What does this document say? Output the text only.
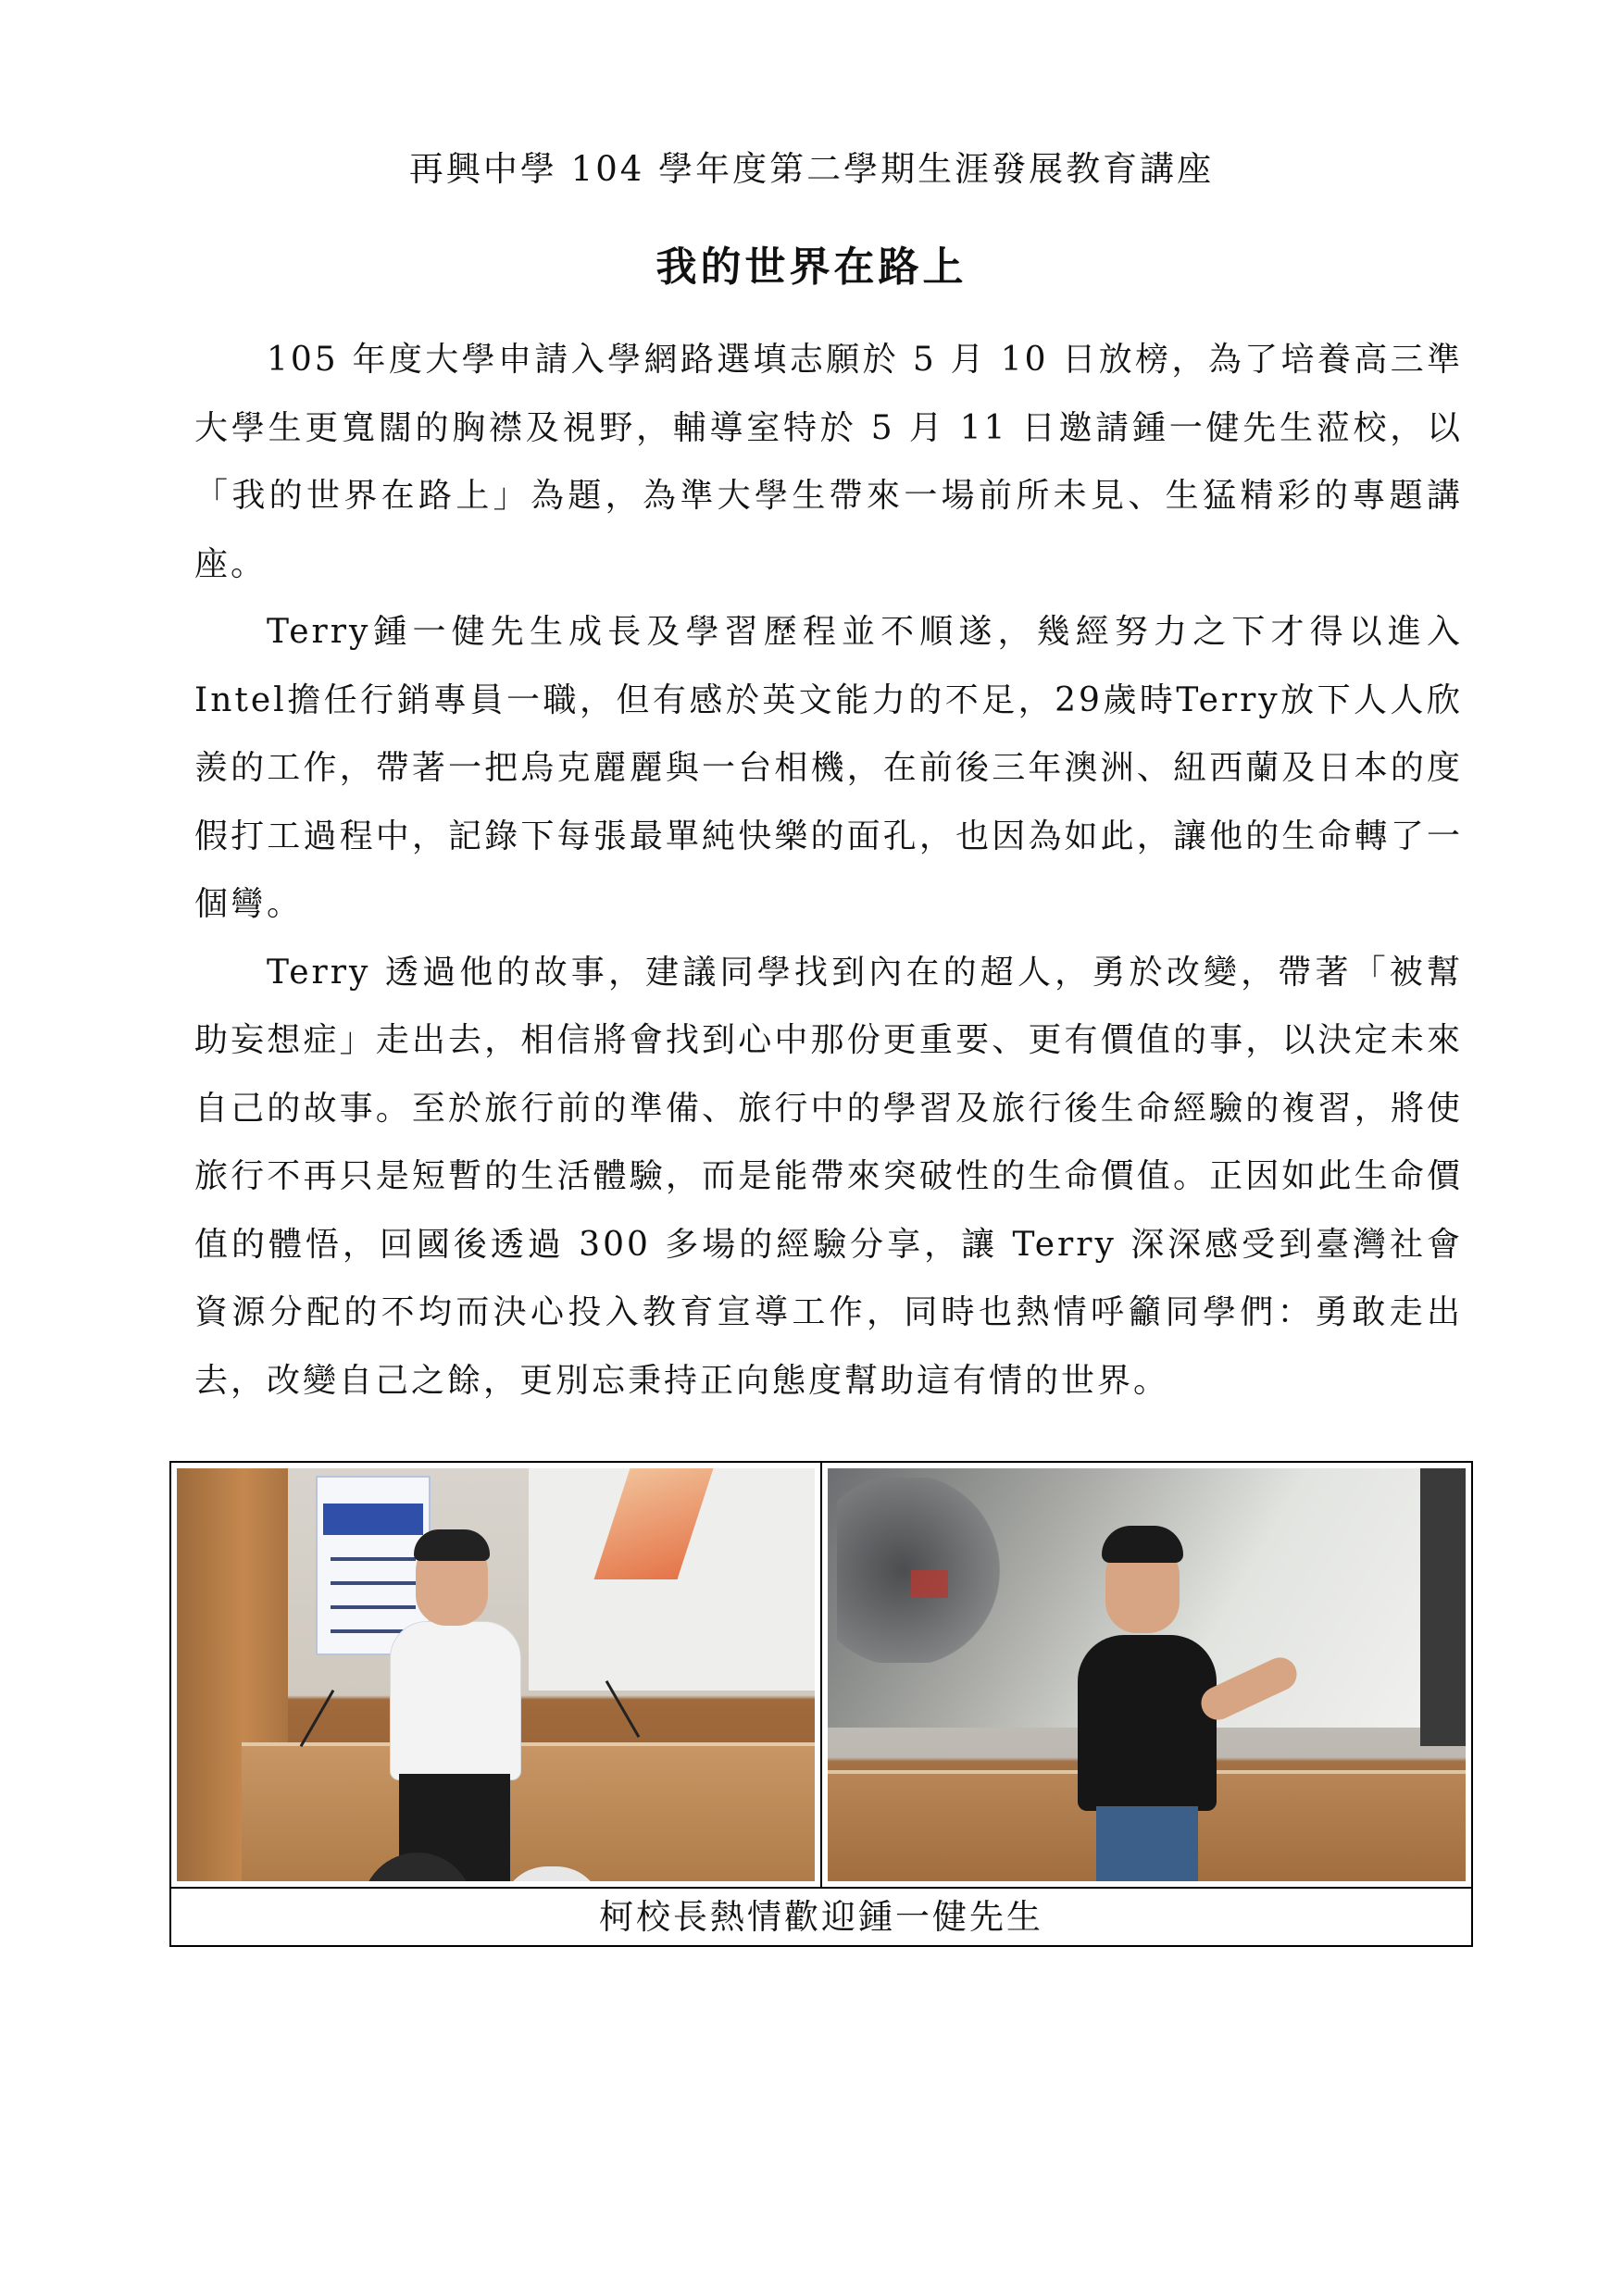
再興中學 104 學年度第二學期生涯發展教育講座
我的世界在路上

105 年度大學申請入學網路選填志願於 5 月 10 日放榜，為了培養高三準大學生更寬闊的胸襟及視野，輔導室特於 5 月 11 日邀請鍾一健先生蒞校，以「我的世界在路上」為題，為準大學生帶來一場前所未見、生猛精彩的專題講座。

Terry鍾一健先生成長及學習歷程並不順遂，幾經努力之下才得以進入Intel擔任行銷專員一職，但有感於英文能力的不足，29歲時Terry放下人人欣羨的工作，帶著一把烏克麗麗與一台相機，在前後三年澳洲、紐西蘭及日本的度假打工過程中，記錄下每張最單純快樂的面孔，也因為如此，讓他的生命轉了一個彎。

Terry 透過他的故事，建議同學找到內在的超人，勇於改變，帶著「被幫助妄想症」走出去，相信將會找到心中那份更重要、更有價值的事，以決定未來自己的故事。至於旅行前的準備、旅行中的學習及旅行後生命經驗的複習，將使旅行不再只是短暫的生活體驗，而是能帶來突破性的生命價值。正因如此生命價值的體悟，回國後透過 300 多場的經驗分享，讓 Terry 深深感受到臺灣社會資源分配的不均而決心投入教育宣導工作，同時也熱情呼籲同學們：勇敢走出去，改變自己之餘，更別忘秉持正向態度幫助這有情的世界。

柯校長熱情歡迎鍾一健先生
